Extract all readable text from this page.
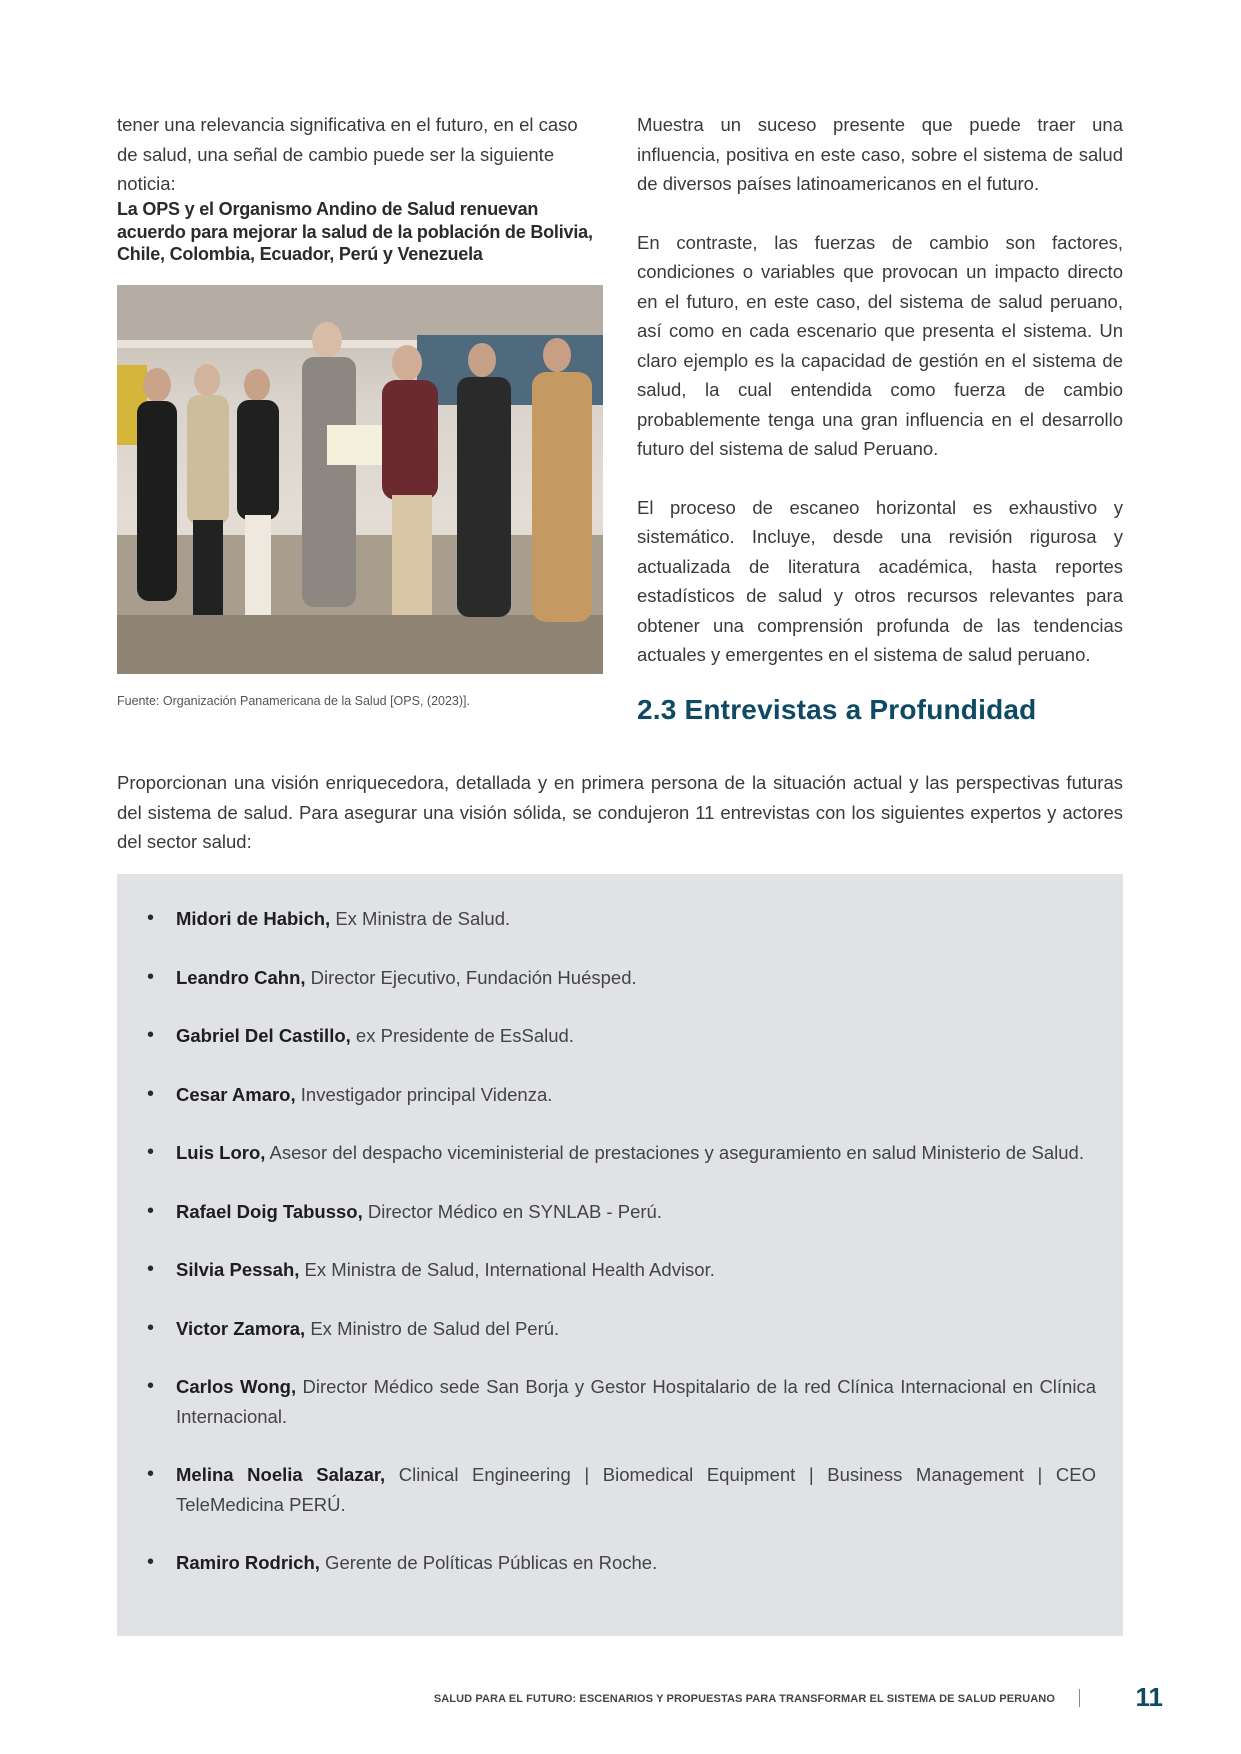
tener una relevancia significativa en el futuro, en el caso de salud, una señal de cambio puede ser la siguiente noticia:

La OPS y el Organismo Andino de Salud renuevan acuerdo para mejorar la salud de la población de Bolivia, Chile, Colombia, Ecuador, Perú y Venezuela

Fuente: Organización Panamericana de la Salud [OPS, (2023)].

Muestra un suceso presente que puede traer una influencia, positiva en este caso, sobre el sistema de salud de diversos países latinoamericanos en el futuro.

En contraste, las fuerzas de cambio son factores, condiciones o variables que provocan un impacto directo en el futuro, en este caso, del sistema de salud peruano, así como en cada escenario que presenta el sistema. Un claro ejemplo es la capacidad de gestión en el sistema de salud, la cual entendida como fuerza de cambio probablemente tenga una gran influencia en el desarrollo futuro del sistema de salud Peruano.

El proceso de escaneo horizontal es exhaustivo y sistemático. Incluye, desde una revisión rigurosa y actualizada de literatura académica, hasta reportes estadísticos de salud y otros recursos relevantes para obtener una comprensión profunda de las tendencias actuales y emergentes en el sistema de salud peruano.

2.3 Entrevistas a Profundidad

Proporcionan una visión enriquecedora, detallada y en primera persona de la situación actual y las perspectivas futuras del sistema de salud. Para asegurar una visión sólida, se condujeron 11 entrevistas con los siguientes expertos y actores del sector salud:

• Midori de Habich, Ex Ministra de Salud.
• Leandro Cahn, Director Ejecutivo, Fundación Huésped.
• Gabriel Del Castillo, ex Presidente de EsSalud.
• Cesar Amaro, Investigador principal Videnza.
• Luis Loro, Asesor del despacho viceministerial de prestaciones y aseguramiento en salud Ministerio de Salud.
• Rafael Doig Tabusso, Director Médico en SYNLAB - Perú.
• Silvia Pessah, Ex Ministra de Salud, International Health Advisor.
• Victor Zamora, Ex Ministro de Salud del Perú.
• Carlos Wong, Director Médico sede San Borja y Gestor Hospitalario de la red Clínica Internacional en Clínica Internacional.
• Melina Noelia Salazar, Clinical Engineering | Biomedical Equipment | Business Management | CEO TeleMedicina PERÚ.
• Ramiro Rodrich, Gerente de Políticas Públicas en Roche.
SALUD PARA EL FUTURO: ESCENARIOS Y PROPUESTAS PARA TRANSFORMAR EL SISTEMA DE SALUD PERUANO	11
